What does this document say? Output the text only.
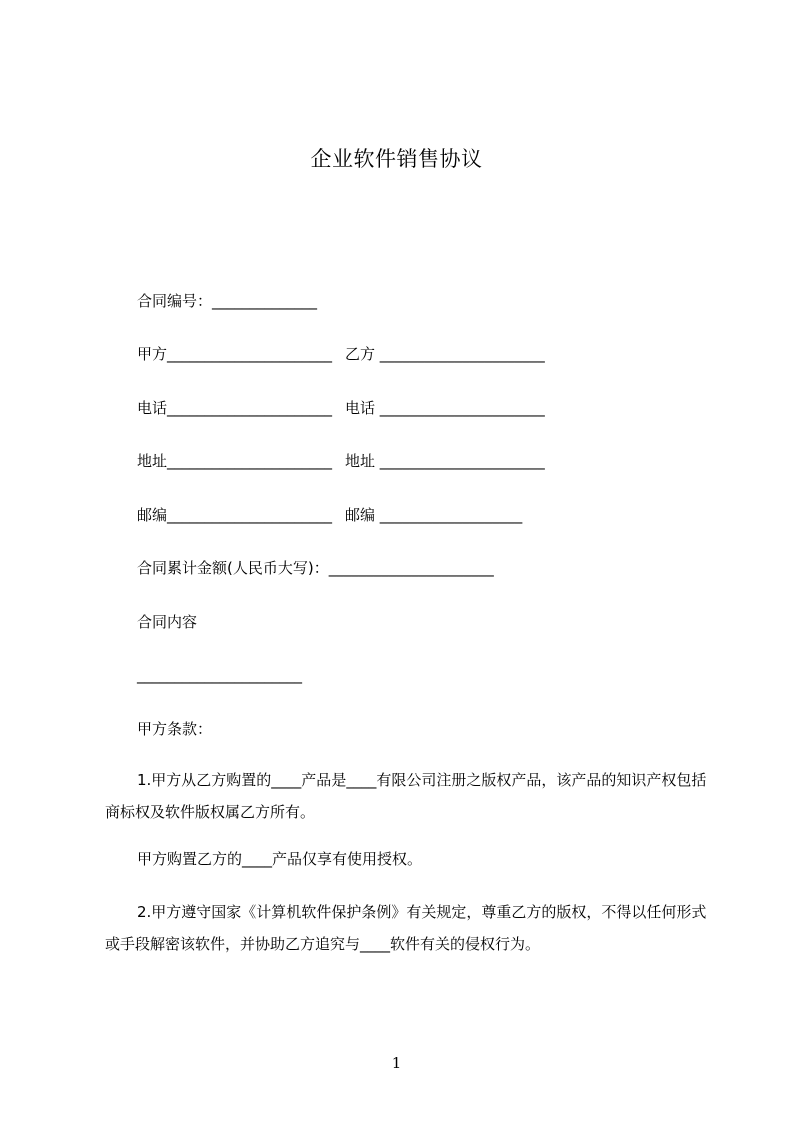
企业软件销售协议
合同编号：______________
甲方______________________ 乙方 ______________________
电话______________________ 电话 ______________________
地址______________________ 地址 ______________________
邮编______________________ 邮编 ___________________
合同累计金额(人民币大写)：______________________
合同内容
______________________
甲方条款：
1.甲方从乙方购置的____产品是____有限公司注册之版权产品，该产品的知识产权包括商标权及软件版权属乙方所有。
甲方购置乙方的____产品仅享有使用授权。
2.甲方遵守国家《计算机软件保护条例》有关规定，尊重乙方的版权，不得以任何形式或手段解密该软件，并协助乙方追究与____软件有关的侵权行为。
1
